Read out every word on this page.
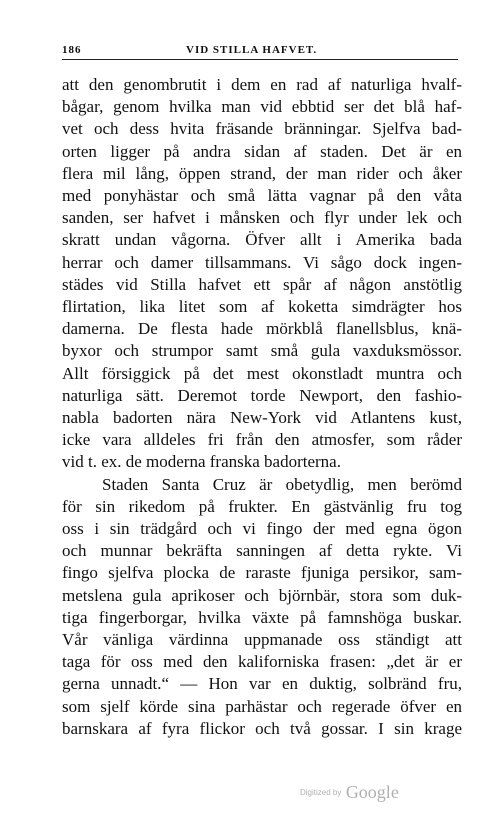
186	VID STILLA HAFVET.
att den genombrutit i dem en rad af naturliga hvalf-
bågar, genom hvilka man vid ebbtid ser det blå haf-
vet och dess hvita fräsande bränningar. Sjelfva bad-
orten ligger på andra sidan af staden. Det är en
flera mil lång, öppen strand, der man rider och åker
med ponyhästar och små lätta vagnar på den våta
sanden, ser hafvet i månsken och flyr under lek och
skratt undan vågorna. Öfver allt i Amerika bada
herrar och damer tillsammans. Vi sågo dock ingen-
städes vid Stilla hafvet ett spår af någon anstötlig
flirtation, lika litet som af koketta simdrägter hos
damerna. De flesta hade mörkblå flanellsblus, knä-
byxor och strumpor samt små gula vaxduksmössor.
Allt försiggick på det mest okonstladt muntra och
naturliga sätt. Deremot torde Newport, den fashio-
nabla badorten nära New-York vid Atlantens kust,
icke vara alldeles fri från den atmosfer, som råder
vid t. ex. de moderna franska badorterna.
Staden Santa Cruz är obetydlig, men berömd
för sin rikedom på frukter. En gästvänlig fru tog
oss i sin trädgård och vi fingo der med egna ögon
och munnar bekräfta sanningen af detta rykte. Vi
fingo sjelfva plocka de raraste fjuniga persikor, sam-
metslena gula aprikoser och björnbär, stora som duk-
tiga fingerborgar, hvilka växte på famnshöga buskar.
Vår vänliga värdinna uppmanade oss ständigt att
taga för oss med den kaliforniska frasen: „det är er
gerna unnadt.“ — Hon var en duktig, solbränd fru,
som sjelf körde sina parhästar och regerade öfver en
barnskara af fyra flickor och två gossar. I sin krage
Digitized by Google
